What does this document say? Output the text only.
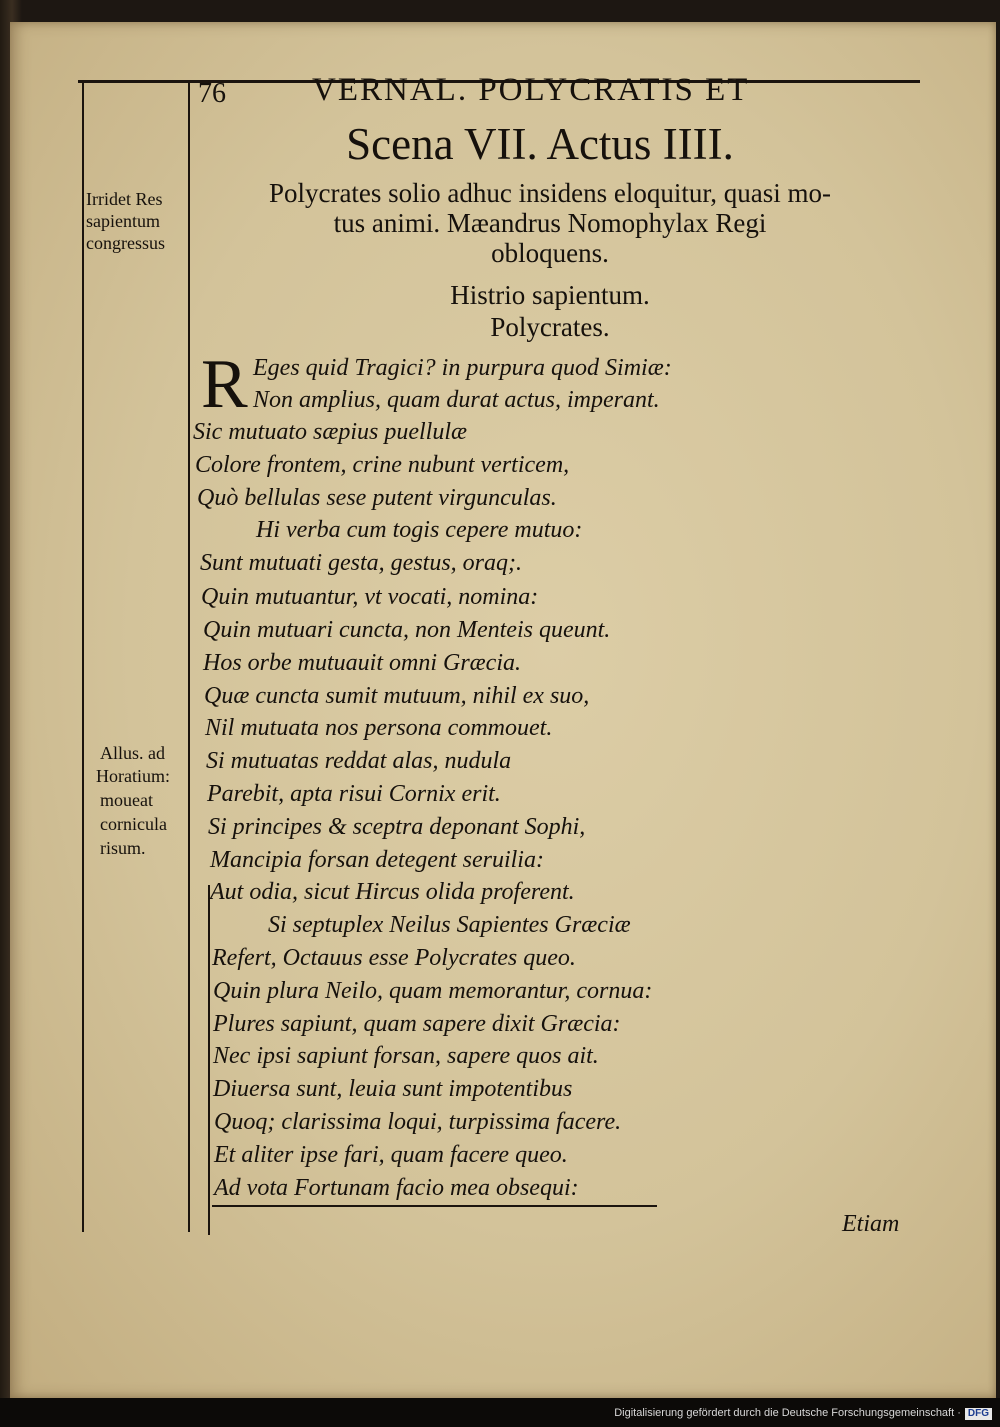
76	VERNAL. POLYCRATIS ET
Scena VII. Actus IIII.
Polycrates solio adhuc insidens eloquitur, quasi mo-
tus animi. Mæandrus Nomophylax Regi
obloquens.
Histrio sapientum.
Polycrates.
Irridet Res
sapientum
congressus
Allus. ad
Horatium:
moueat
cornicula
risum.
R Eges quid Tragici? in purpura quod Simiæ:
Non amplius, quam durat actus, imperant.
Sic mutuato sæpius puellulæ
Colore frontem, crine nubunt verticem,
Quò bellulas sese putent virgunculas.
Hi verba cum togis cepere mutuo:
Sunt mutuati gesta, gestus, oraq;.
Quin mutuantur, vt vocati, nomina:
Quin mutuari cuncta, non Menteis queunt.
Hos orbe mutuauit omni Græcia.
Quæ cuncta sumit mutuum, nihil ex suo,
Nil mutuata nos persona commouet.
Si mutuatas reddat alas, nudula
Parebit, apta risui Cornix erit.
Si principes & sceptra deponant Sophi,
Mancipia forsan detegent seruilia:
Aut odia, sicut Hircus olida proferent.
Si septuplex Neilus Sapientes Græciæ
Refert, Octauus esse Polycrates queo.
Quin plura Neilo, quam memorantur, cornua:
Plures sapiunt, quam sapere dixit Græcia:
Nec ipsi sapiunt forsan, sapere quos ait.
Diuersa sunt, leuia sunt impotentibus
Quoq; clarissima loqui, turpissima facere.
Et aliter ipse fari, quam facere queo.
Ad vota Fortunam facio mea obsequi:
Etiam
Digitalisierung gefördert durch die Deutsche Forschungsgemeinschaft · DFG
